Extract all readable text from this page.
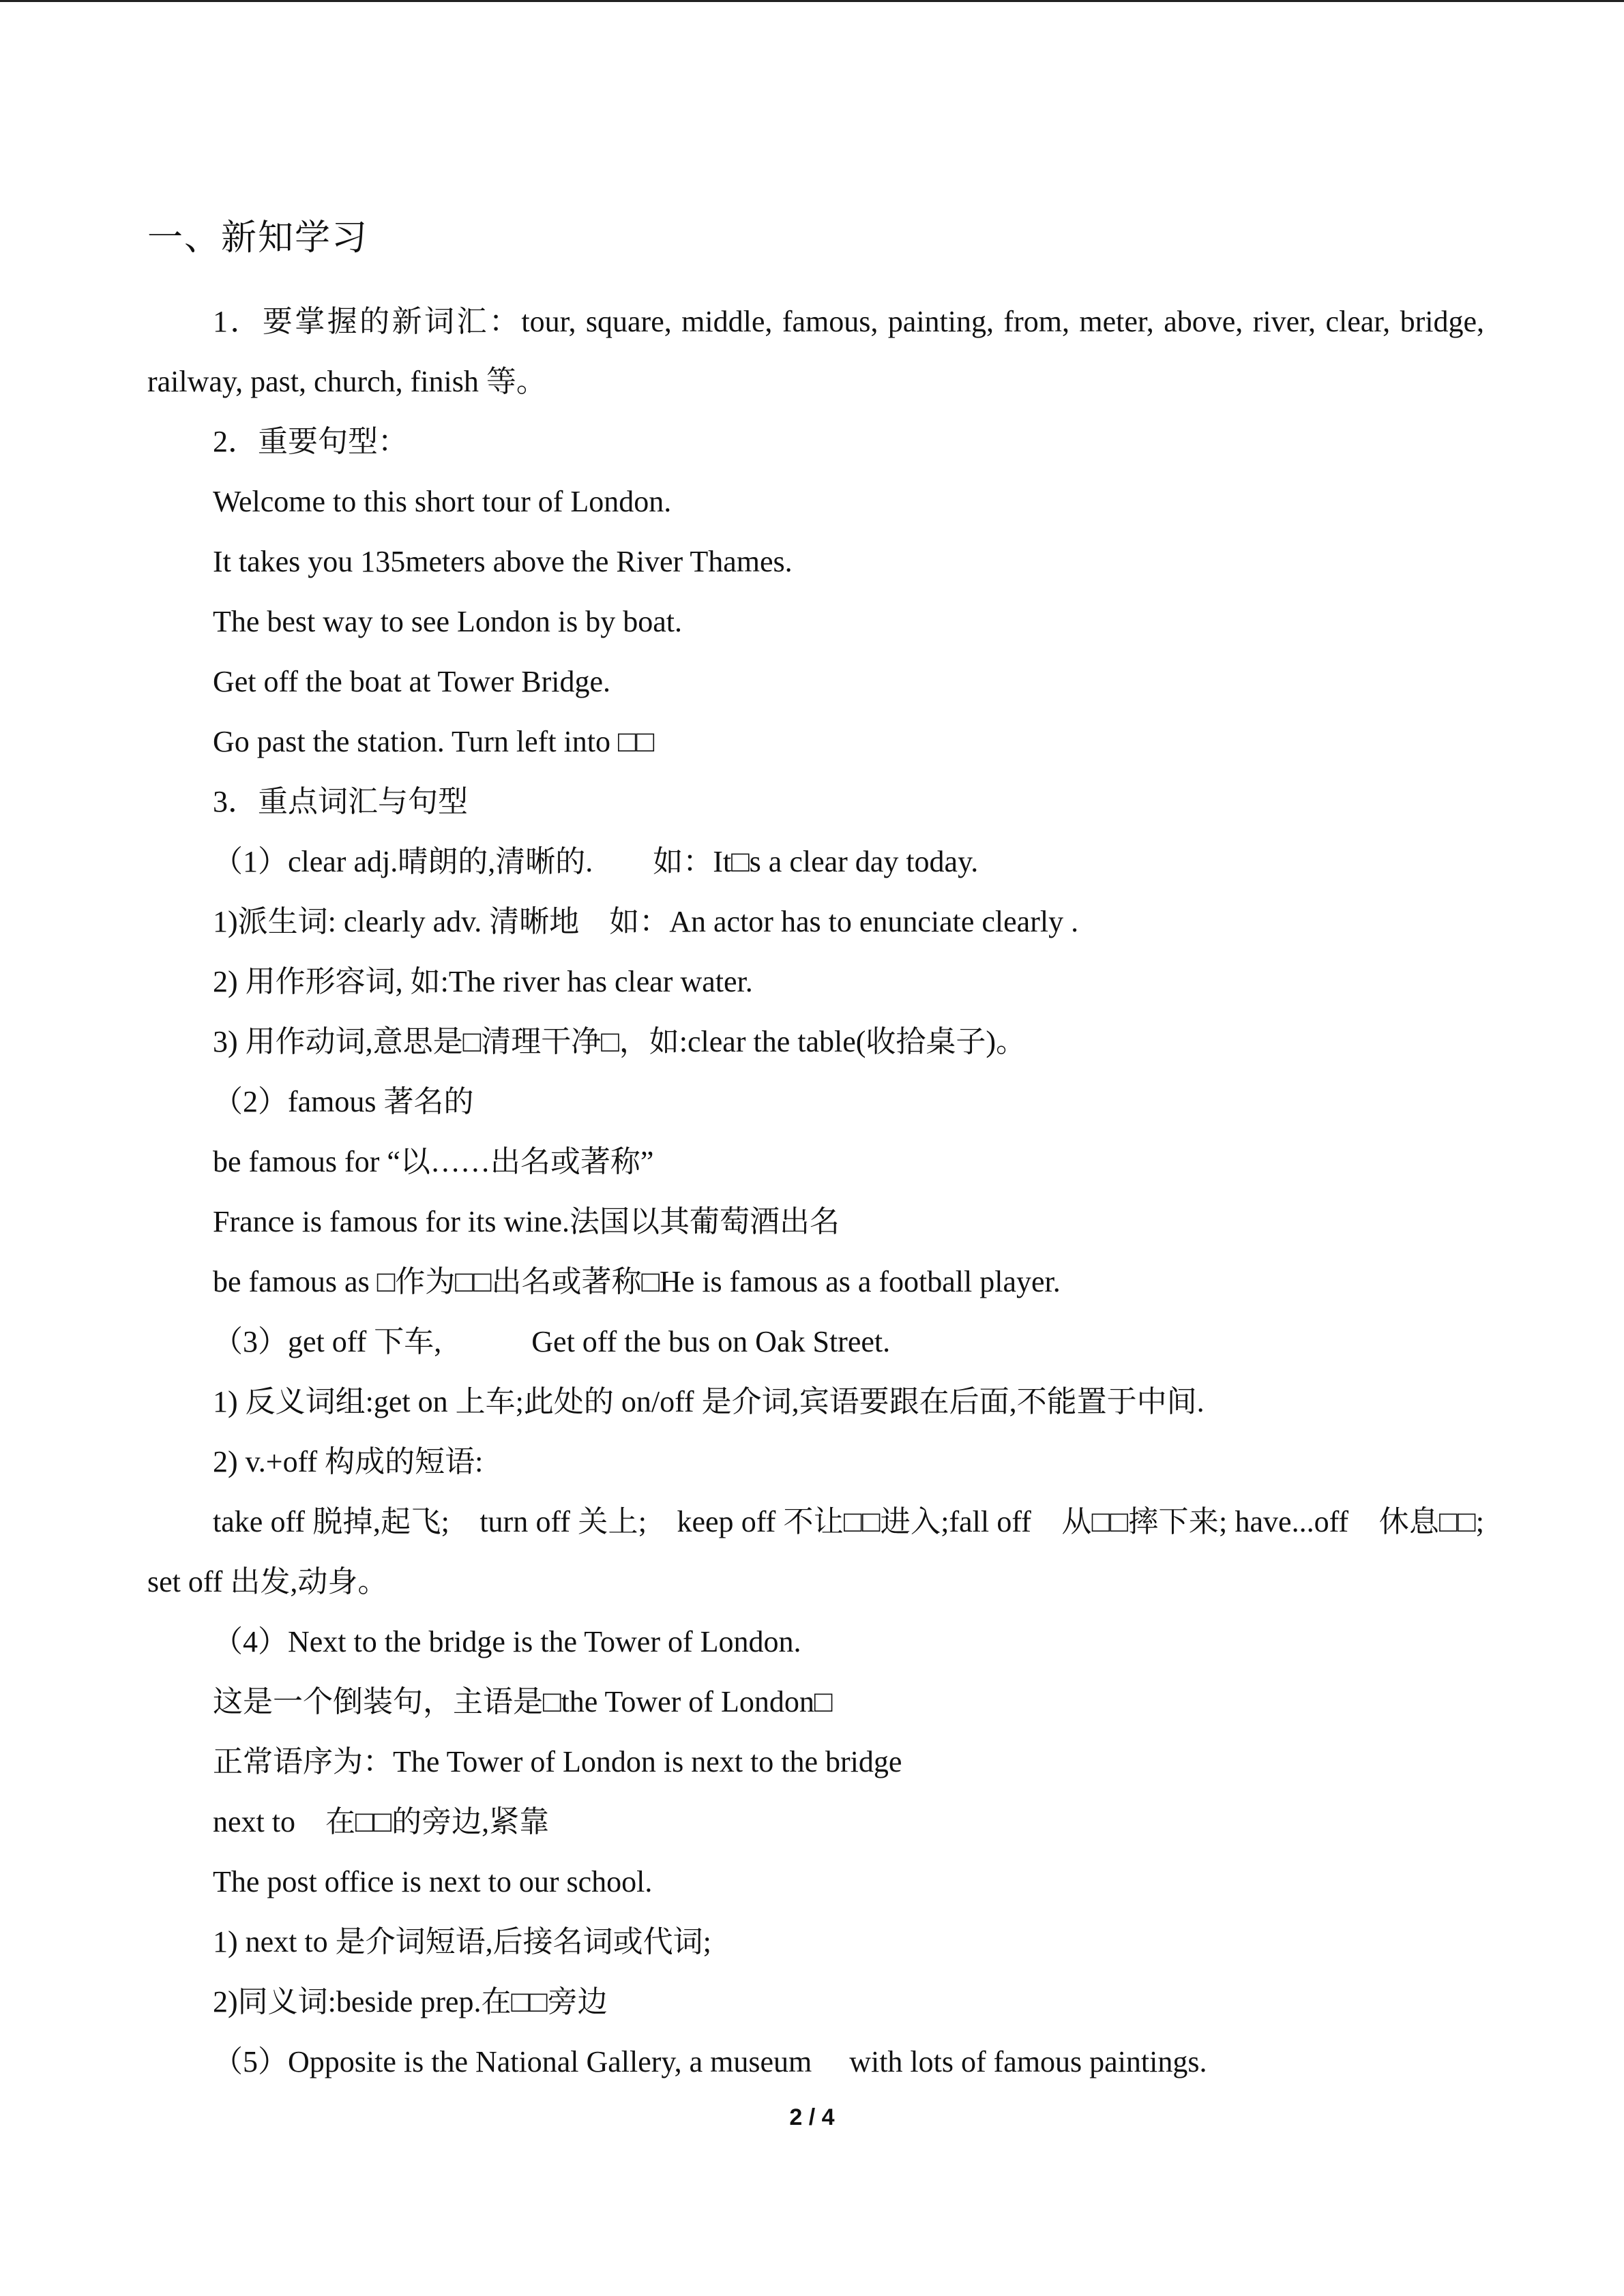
一、新知学习
1．要掌握的新词汇：tour, square, middle, famous, painting, from, meter, above, river, clear, bridge, railway, past, church, finish 等。
2．重要句型：
Welcome to this short tour of London.
It takes you 135meters above the River Thames.
The best way to see London is by boat.
Get off the boat at Tower Bridge.
Go past the station. Turn left into □□
3．重点词汇与句型
（1）clear adj.晴朗的,清晰的.　　如：It□s a clear day today.
1)派生词: clearly adv. 清晰地　如：An actor has to enunciate clearly .
2) 用作形容词, 如:The river has clear water.
3) 用作动词,意思是□清理干净□，如:clear the table(收拾桌子)。
（2）famous 著名的
be famous for “以……出名或著称”
France is famous for its wine.法国以其葡萄酒出名
be famous as □作为□□出名或著称□He is famous as a football player.
（3）get off 下车,　　　Get off the bus on Oak Street.
1) 反义词组:get on 上车;此处的 on/off 是介词,宾语要跟在后面,不能置于中间.
2) v.+off 构成的短语:
take off 脱掉,起飞;　turn off 关上;　keep off 不让□□进入;fall off　从□□摔下来; have...off　休息□□;　set off 出发,动身。
（4）Next to the bridge is the Tower of London.
这是一个倒装句，主语是□the Tower of London□
正常语序为：The Tower of London is next to the bridge
next to　在□□的旁边,紧靠
The post office is next to our school.
1) next to 是介词短语,后接名词或代词;
2)同义词:beside prep.在□□旁边
（5）Opposite is the National Gallery, a museum　 with lots of famous paintings.
2 / 4
